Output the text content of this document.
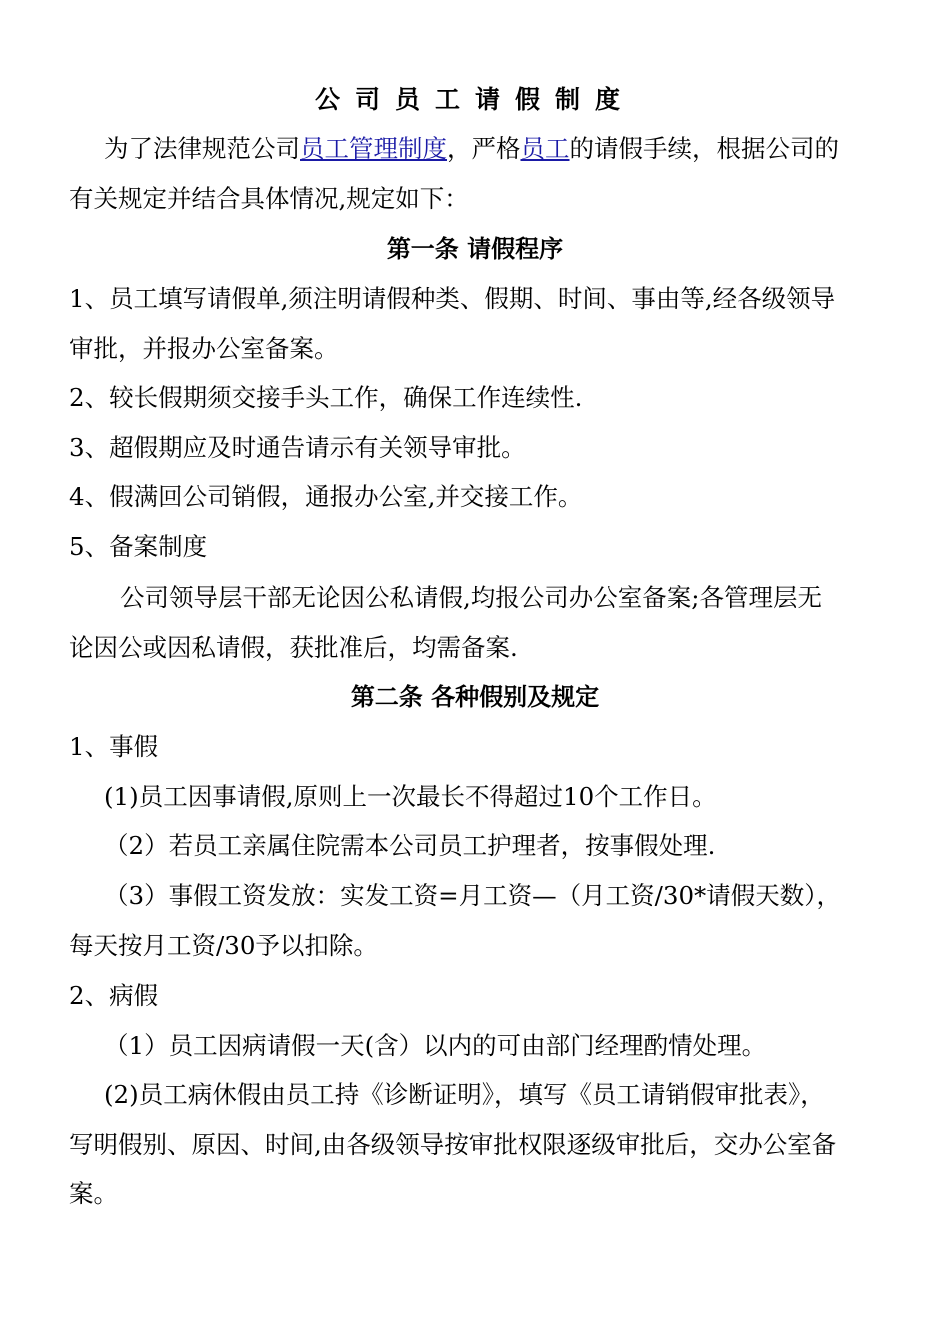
公司员工请假制度

为了法律规范公司员工管理制度，严格员工的请假手续，根据公司的

有关规定并结合具体情况,规定如下：

第一条 请假程序

1、员工填写请假单,须注明请假种类、假期、时间、事由等,经各级领导

审批，并报办公室备案。

2、较长假期须交接手头工作，确保工作连续性.

3、超假期应及时通告请示有关领导审批。

4、假满回公司销假，通报办公室,并交接工作。

5、备案制度

公司领导层干部无论因公私请假,均报公司办公室备案;各管理层无

论因公或因私请假，获批准后，均需备案.

第二条 各种假别及规定

1、事假

(1)员工因事请假,原则上一次最长不得超过10个工作日。

（2）若员工亲属住院需本公司员工护理者，按事假处理.

（3）事假工资发放：实发工资=月工资—（月工资/30*请假天数），

每天按月工资/30予以扣除。

2、病假

（1）员工因病请假一天(含）以内的可由部门经理酌情处理。

(2)员工病休假由员工持《诊断证明》，填写《员工请销假审批表》，

写明假别、原因、时间,由各级领导按审批权限逐级审批后，交办公室备

案。
